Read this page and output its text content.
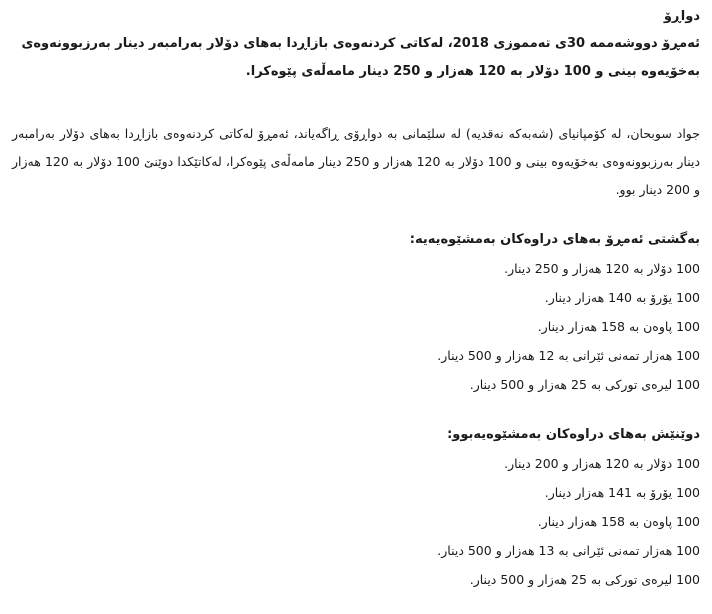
دواڕۆ

ئەمڕۆ دووشەممە 30ی تەمموزی 2018، لەکاتی کردنەوەی بازاڕدا بەهای دۆلار بەرامبەر دینار بەرزبوونەوەی بەخۆیەوە بینی و 100 دۆلار بە 120 هەزار و 250 دینار مامەڵەی پێوەکرا.

جواد سوبحان، لە کۆمپانیای (شەبەکە نەقدیە) لە سلێمانی بە دواڕۆی ڕاگەیاند، ئەمڕۆ لەکاتی کردنەوەی بازاڕدا بەهای دۆلار بەرامبەر دینار بەرزبوونەوەی بەخۆیەوە بینی و 100 دۆلار بە 120 هەزار و 250 دینار مامەڵەی پێوەکرا، لەکاتێکدا دوێنێ 100 دۆلار بە 120 هەزار و 200 دینار بوو.

بەگشتی ئەمڕۆ بەهای دراوەکان بەمشێوەیەیە:
100 دۆلار بە 120 هەزار و 250 دینار.
100 یۆرۆ بە 140 هەزار دینار.
100 پاوەن بە 158 هەزار دینار.
100 هەزار تمەنی ئێرانی بە 12 هەزار و 500 دینار.
100 لیرەی تورکی بە 25 هەزار و 500 دینار.
دوێنێش بەهای دراوەکان بەمشێوەیەبوو:
100 دۆلار بە 120 هەزار و 200 دینار.
100 یۆرۆ بە 141 هەزار دینار.
100 پاوەن بە 158 هەزار دینار.
100 هەزار تمەنی ئێرانی بە 13 هەزار و 500 دینار.
100 لیرەی تورکی بە 25 هەزار و 500 دینار.
